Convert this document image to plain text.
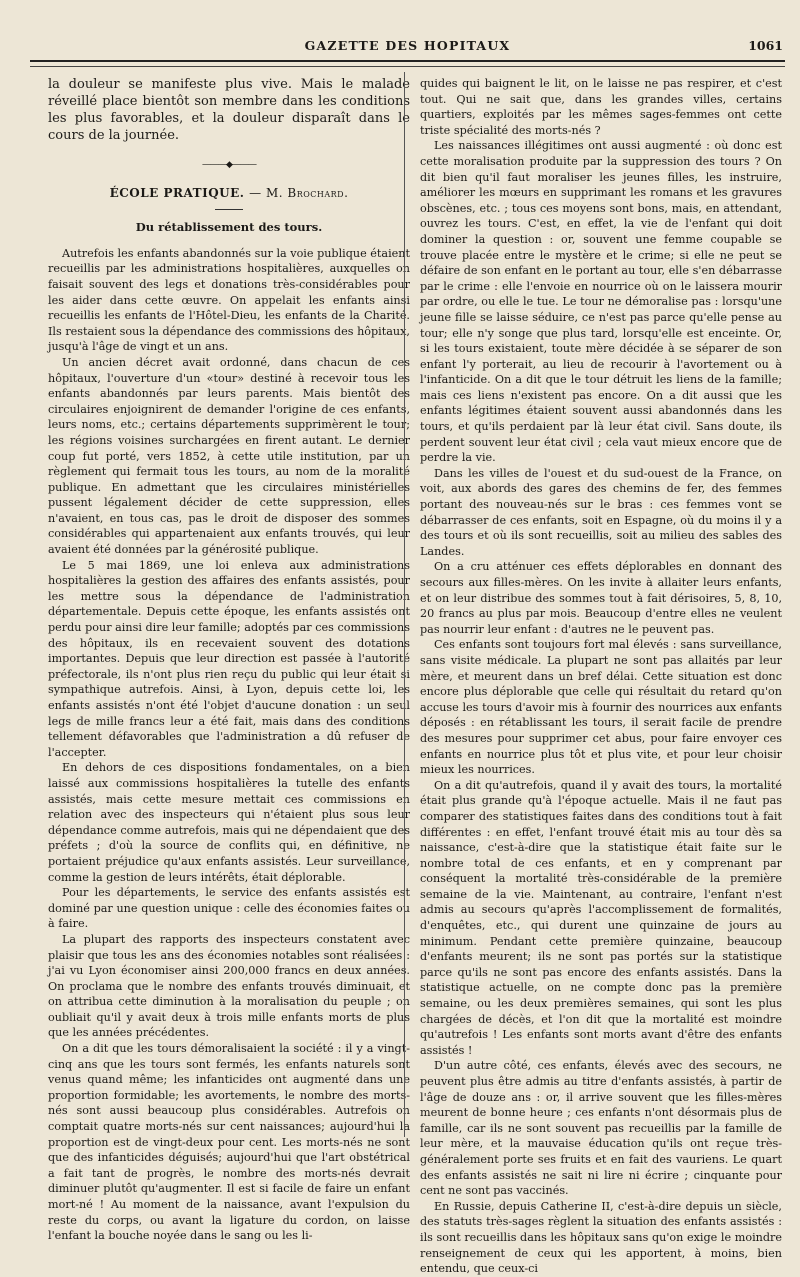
GAZETTE DES HOPITAUX	1061

la douleur se manifeste plus vive. Mais le malade réveillé place bientôt son membre dans les conditions les plus favorables, et la douleur disparaît dans le cours de la journée.

———◆———
ÉCOLE PRATIQUE. — M. Brochard.
Du rétablissement des tours.

Autrefois les enfants abandonnés sur la voie publique étaient recueillis par les administrations hospitalières, auxquelles on faisait souvent des legs et donations très-considérables pour les aider dans cette œuvre. On appelait les enfants ainsi recueillis les enfants de l'Hôtel-Dieu, les enfants de la Charité. Ils restaient sous la dépendance des commissions des hôpitaux, jusqu'à l'âge de vingt et un ans.

Un ancien décret avait ordonné, dans chacun de ces hôpitaux, l'ouverture d'un «tour» destiné à recevoir tous les enfants abandonnés par leurs parents. Mais bientôt des circulaires enjoignirent de demander l'origine de ces enfants, leurs noms, etc.; certains départements supprimèrent le tour; les régions voisines surchargées en firent autant. Le dernier coup fut porté, vers 1852, à cette utile institution, par un règlement qui fermait tous les tours, au nom de la moralité publique. En admettant que les circulaires ministérielles pussent légalement décider de cette suppression, elles n'avaient, en tous cas, pas le droit de disposer des sommes considérables qui appartenaient aux enfants trouvés, qui leur avaient été données par la générosité publique.

Le 5 mai 1869, une loi enleva aux administrations hospitalières la gestion des affaires des enfants assistés, pour les mettre sous la dépendance de l'administration départementale. Depuis cette époque, les enfants assistés ont perdu pour ainsi dire leur famille; adoptés par ces commissions des hôpitaux, ils en recevaient souvent des dotations importantes. Depuis que leur direction est passée à l'autorité préfectorale, ils n'ont plus rien reçu du public qui leur était si sympathique autrefois. Ainsi, à Lyon, depuis cette loi, les enfants assistés n'ont été l'objet d'aucune donation : un seul legs de mille francs leur a été fait, mais dans des conditions tellement défavorables que l'administration a dû refuser de l'accepter.

En dehors de ces dispositions fondamentales, on a bien laissé aux commissions hospitalières la tutelle des enfants assistés, mais cette mesure mettait ces commissions en relation avec des inspecteurs qui n'étaient plus sous leur dépendance comme autrefois, mais qui ne dépendaient que des préfets ; d'où la source de conflits qui, en définitive, ne portaient préjudice qu'aux enfants assistés. Leur surveillance, comme la gestion de leurs intérêts, était déplorable.

Pour les départements, le service des enfants assistés est dominé par une question unique : celle des économies faites ou à faire.

La plupart des rapports des inspecteurs constatent avec plaisir que tous les ans des économies notables sont réalisées : j'ai vu Lyon économiser ainsi 200,000 francs en deux années. On proclama que le nombre des enfants trouvés diminuait, et on attribua cette diminution à la moralisation du peuple ; on oubliait qu'il y avait deux à trois mille enfants morts de plus que les années précédentes.

On a dit que les tours démoralisaient la société : il y a vingt-cinq ans que les tours sont fermés, les enfants naturels sont venus quand même; les infanticides ont augmenté dans une proportion formidable; les avortements, le nombre des morts-nés sont aussi beaucoup plus considérables. Autrefois on comptait quatre morts-nés sur cent naissances; aujourd'hui la proportion est de vingt-deux pour cent. Les morts-nés ne sont que des infanticides déguisés; aujourd'hui que l'art obstétrical a fait tant de progrès, le nombre des morts-nés devrait diminuer plutôt qu'augmenter. Il est si facile de faire un enfant mort-né ! Au moment de la naissance, avant l'expulsion du reste du corps, ou avant la ligature du cordon, on laisse l'enfant la bouche noyée dans le sang ou les li-

quides qui baignent le lit, on le laisse ne pas respirer, et c'est tout. Qui ne sait que, dans les grandes villes, certains quartiers, exploités par les mêmes sages-femmes ont cette triste spécialité des morts-nés ?

Les naissances illégitimes ont aussi augmenté : où donc est cette moralisation produite par la suppression des tours ? On dit bien qu'il faut moraliser les jeunes filles, les instruire, améliorer les mœurs en supprimant les romans et les gravures obscènes, etc. ; tous ces moyens sont bons, mais, en attendant, ouvrez les tours. C'est, en effet, la vie de l'enfant qui doit dominer la question : or, souvent une femme coupable se trouve placée entre le mystère et le crime; si elle ne peut se défaire de son enfant en le portant au tour, elle s'en débarrasse par le crime : elle l'envoie en nourrice où on le laissera mourir par ordre, ou elle le tue. Le tour ne démoralise pas : lorsqu'une jeune fille se laisse séduire, ce n'est pas parce qu'elle pense au tour; elle n'y songe que plus tard, lorsqu'elle est enceinte. Or, si les tours existaient, toute mère décidée à se séparer de son enfant l'y porterait, au lieu de recourir à l'avortement ou à l'infanticide. On a dit que le tour détruit les liens de la famille; mais ces liens n'existent pas encore. On a dit aussi que les enfants légitimes étaient souvent aussi abandonnés dans les tours, et qu'ils perdaient par là leur état civil. Sans doute, ils perdent souvent leur état civil ; cela vaut mieux encore que de perdre la vie.

Dans les villes de l'ouest et du sud-ouest de la France, on voit, aux abords des gares des chemins de fer, des femmes portant des nouveau-nés sur le bras : ces femmes vont se débarrasser de ces enfants, soit en Espagne, où du moins il y a des tours et où ils sont recueillis, soit au milieu des sables des Landes.

On a cru atténuer ces effets déplorables en donnant des secours aux filles-mères. On les invite à allaiter leurs enfants, et on leur distribue des sommes tout à fait dérisoires, 5, 8, 10, 20 francs au plus par mois. Beaucoup d'entre elles ne veulent pas nourrir leur enfant : d'autres ne le peuvent pas.

Ces enfants sont toujours fort mal élevés : sans surveillance, sans visite médicale. La plupart ne sont pas allaités par leur mère, et meurent dans un bref délai. Cette situation est donc encore plus déplorable que celle qui résultait du retard qu'on accuse les tours d'avoir mis à fournir des nourrices aux enfants déposés : en rétablissant les tours, il serait facile de prendre des mesures pour supprimer cet abus, pour faire envoyer ces enfants en nourrice plus tôt et plus vite, et pour leur choisir mieux les nourrices.

On a dit qu'autrefois, quand il y avait des tours, la mortalité était plus grande qu'à l'époque actuelle. Mais il ne faut pas comparer des statistiques faites dans des conditions tout à fait différentes : en effet, l'enfant trouvé était mis au tour dès sa naissance, c'est-à-dire que la statistique était faite sur le nombre total de ces enfants, et en y comprenant par conséquent la mortalité très-considérable de la première semaine de la vie. Maintenant, au contraire, l'enfant n'est admis au secours qu'après l'accomplissement de formalités, d'enquêtes, etc., qui durent une quinzaine de jours au minimum. Pendant cette première quinzaine, beaucoup d'enfants meurent; ils ne sont pas portés sur la statistique parce qu'ils ne sont pas encore des enfants assistés. Dans la statistique actuelle, on ne compte donc pas la première semaine, ou les deux premières semaines, qui sont les plus chargées de décès, et l'on dit que la mortalité est moindre qu'autrefois ! Les enfants sont morts avant d'être des enfants assistés !

D'un autre côté, ces enfants, élevés avec des secours, ne peuvent plus être admis au titre d'enfants assistés, à partir de l'âge de douze ans : or, il arrive souvent que les filles-mères meurent de bonne heure ; ces enfants n'ont désormais plus de famille, car ils ne sont souvent pas recueillis par la famille de leur mère, et la mauvaise éducation qu'ils ont reçue très-généralement porte ses fruits et en fait des vauriens. Le quart des enfants assistés ne sait ni lire ni écrire ; cinquante pour cent ne sont pas vaccinés.

En Russie, depuis Catherine II, c'est-à-dire depuis un siècle, des statuts très-sages règlent la situation des enfants assistés : ils sont recueillis dans les hôpitaux sans qu'on exige le moindre renseignement de ceux qui les apportent, à moins, bien entendu, que ceux-ci
